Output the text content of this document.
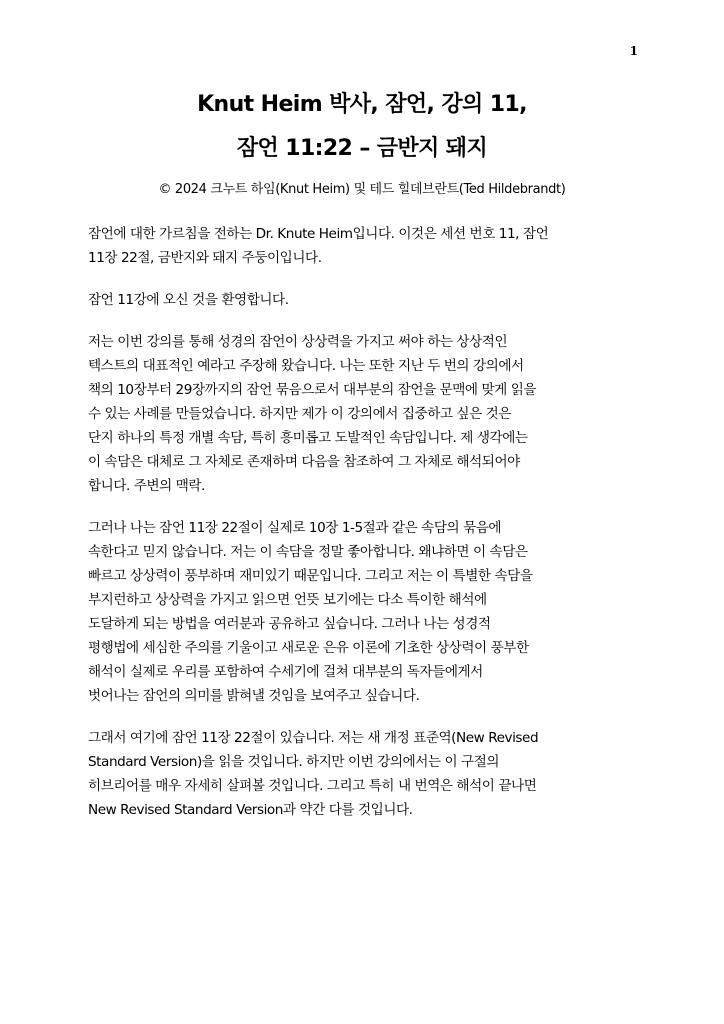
1
Knut Heim 박사, 잠언, 강의 11,
잠언 11:22 – 금반지 돼지
© 2024 크누트 하임(Knut Heim) 및 테드 힐데브란트(Ted Hildebrandt)

잠언에 대한 가르침을 전하는 Dr. Knute Heim입니다. 이것은 세션 번호 11, 잠언
11장 22절, 금반지와 돼지 주둥이입니다.

잠언 11강에 오신 것을 환영합니다.

저는 이번 강의를 통해 성경의 잠언이 상상력을 가지고 써야 하는 상상적인
텍스트의 대표적인 예라고 주장해 왔습니다. 나는 또한 지난 두 번의 강의에서
책의 10장부터 29장까지의 잠언 묶음으로서 대부분의 잠언을 문맥에 맞게 읽을
수 있는 사례를 만들었습니다. 하지만 제가 이 강의에서 집중하고 싶은 것은
단지 하나의 특정 개별 속담, 특히 흥미롭고 도발적인 속담입니다. 제 생각에는
이 속담은 대체로 그 자체로 존재하며 다음을 참조하여 그 자체로 해석되어야
합니다. 주변의 맥락.

그러나 나는 잠언 11장 22절이 실제로 10장 1-5절과 같은 속담의 묶음에
속한다고 믿지 않습니다. 저는 이 속담을 정말 좋아합니다. 왜냐하면 이 속담은
빠르고 상상력이 풍부하며 재미있기 때문입니다. 그리고 저는 이 특별한 속담을
부지런하고 상상력을 가지고 읽으면 언뜻 보기에는 다소 특이한 해석에
도달하게 되는 방법을 여러분과 공유하고 싶습니다. 그러나 나는 성경적
평행법에 세심한 주의를 기울이고 새로운 은유 이론에 기초한 상상력이 풍부한
해석이 실제로 우리를 포함하여 수세기에 걸쳐 대부분의 독자들에게서
벗어나는 잠언의 의미를 밝혀낼 것임을 보여주고 싶습니다.

그래서 여기에 잠언 11장 22절이 있습니다. 저는 새 개정 표준역(New Revised
Standard Version)을 읽을 것입니다. 하지만 이번 강의에서는 이 구절의
히브리어를 매우 자세히 살펴볼 것입니다. 그리고 특히 내 번역은 해석이 끝나면
New Revised Standard Version과 약간 다를 것입니다.
